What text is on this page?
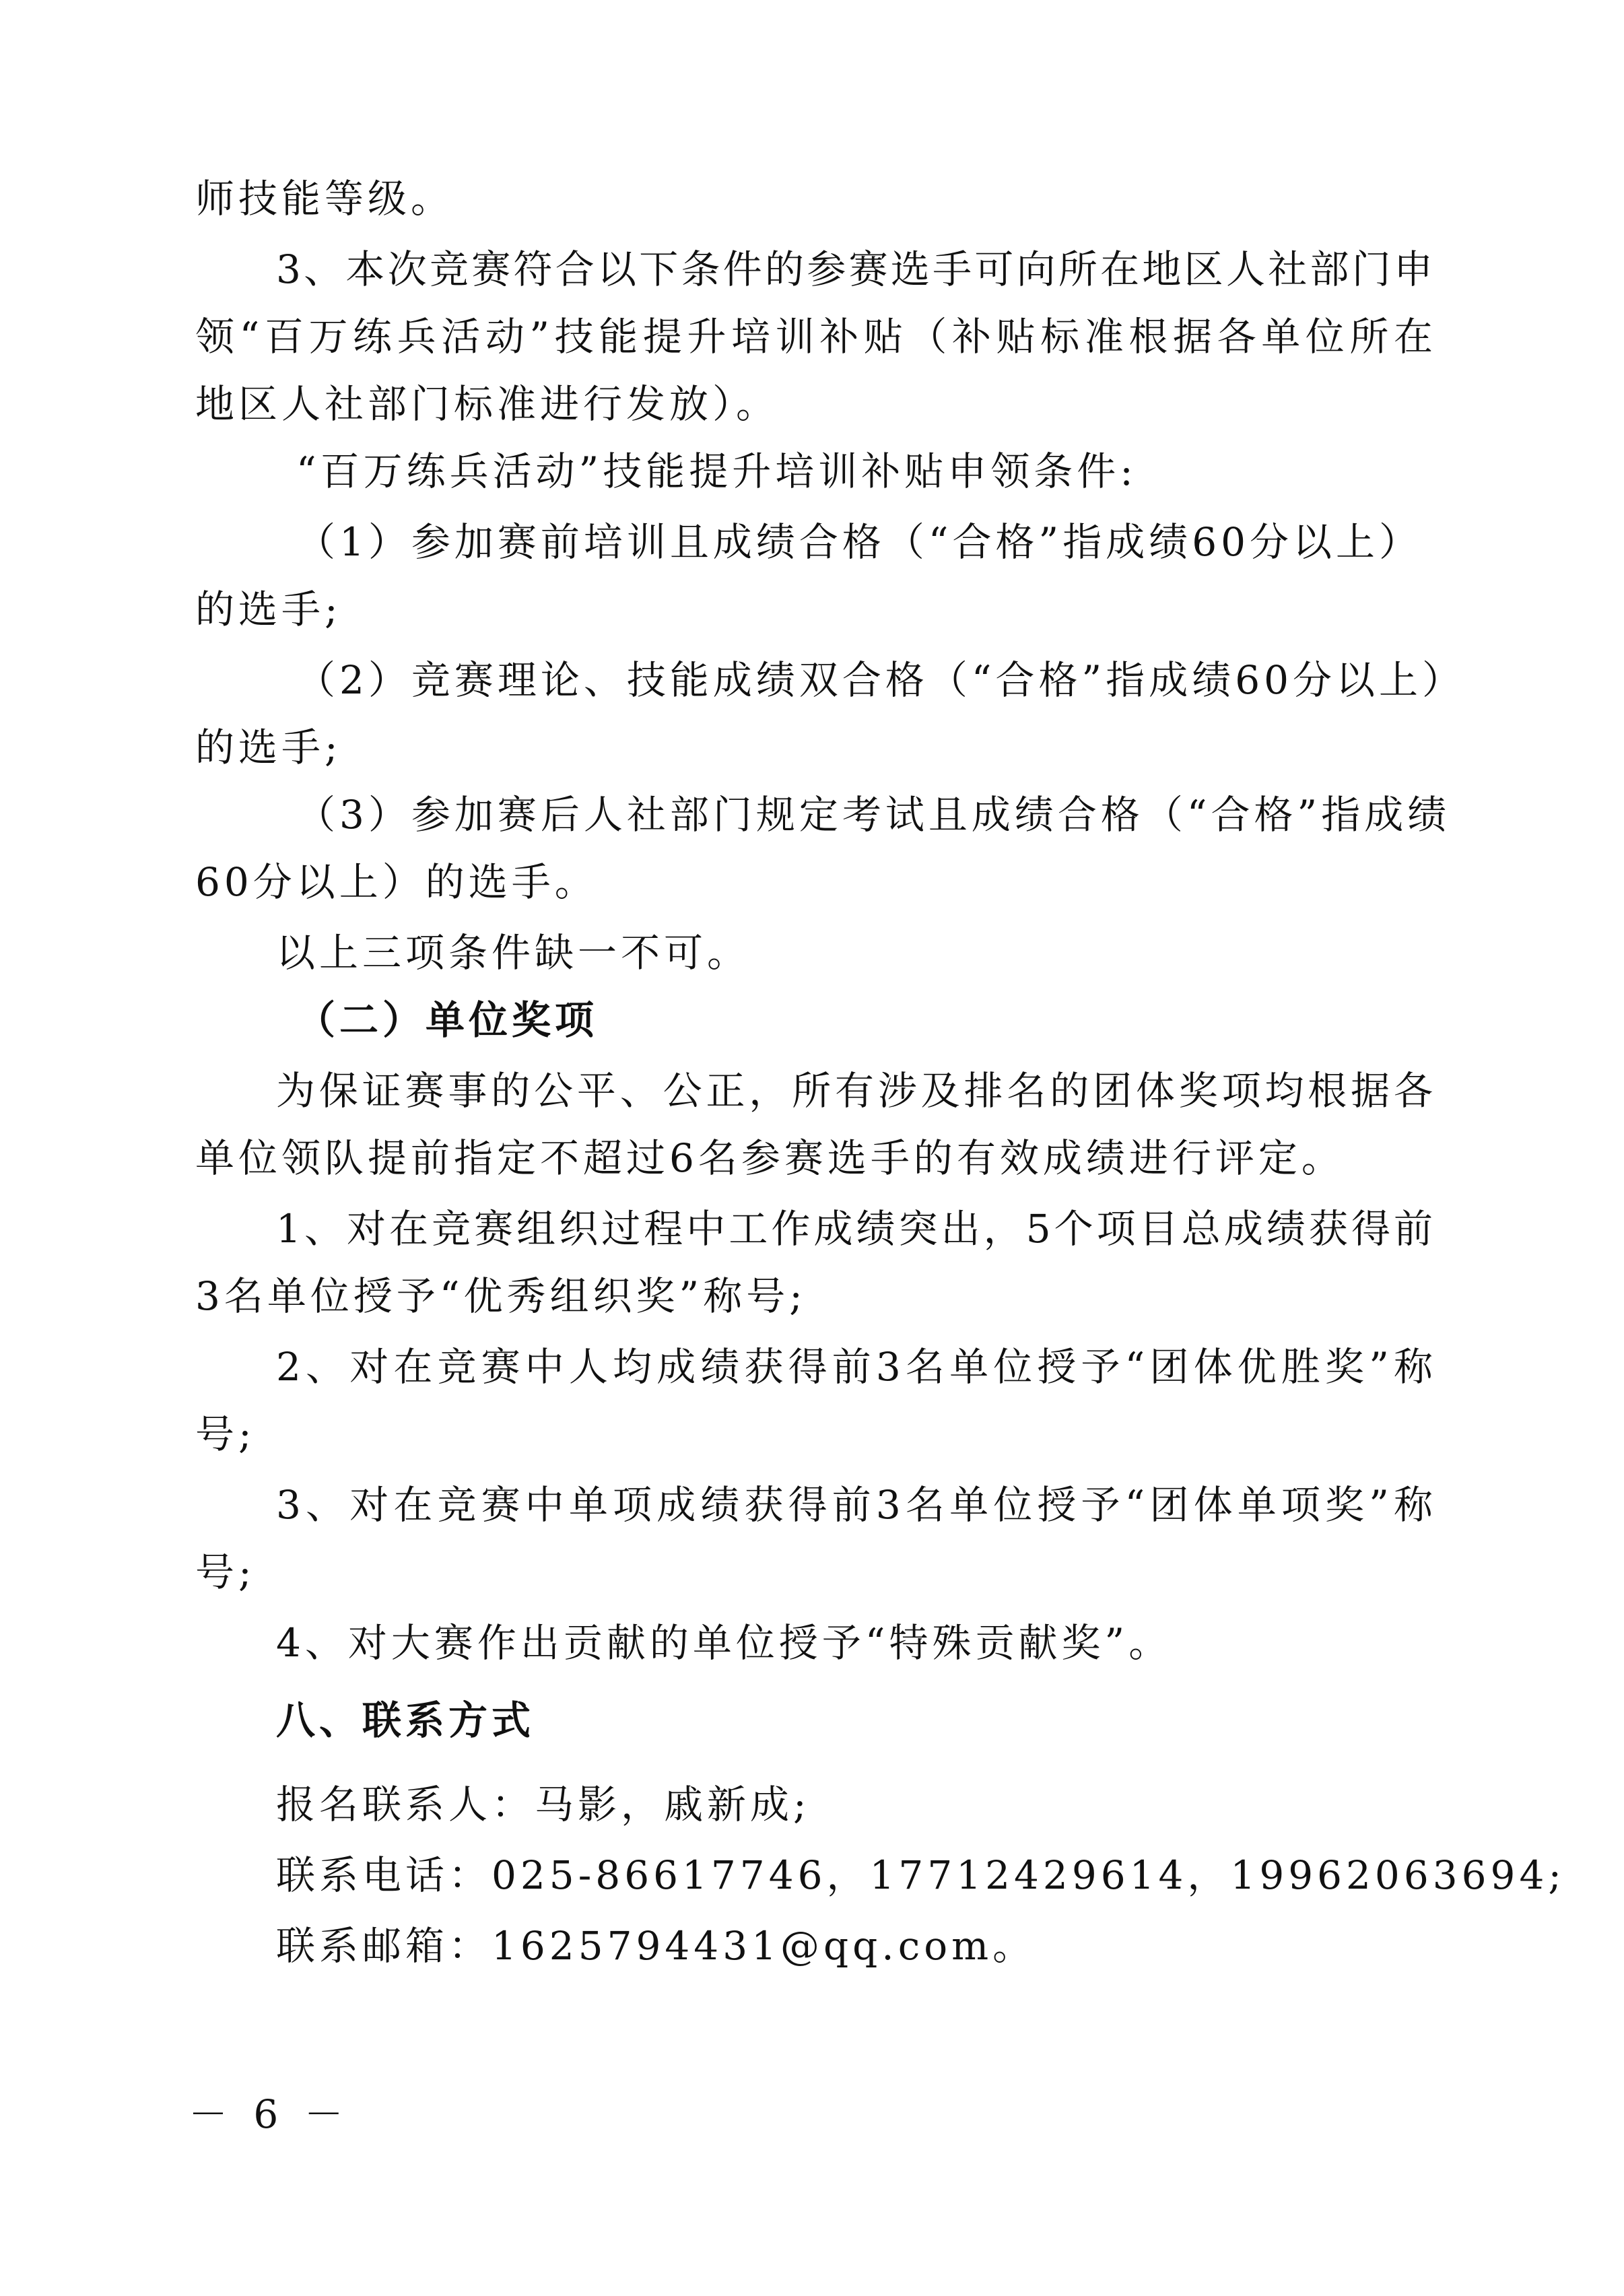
师技能等级。
3、本次竞赛符合以下条件的参赛选手可向所在地区人社部门申
领“百万练兵活动”技能提升培训补贴（补贴标准根据各单位所在
地区人社部门标准进行发放）。
“百万练兵活动”技能提升培训补贴申领条件:
（1）参加赛前培训且成绩合格（“合格”指成绩60分以上）
的选手;
（2）竞赛理论、技能成绩双合格（“合格”指成绩60分以上）
的选手;
（3）参加赛后人社部门规定考试且成绩合格（“合格”指成绩
60分以上）的选手。
以上三项条件缺一不可。
（二）单位奖项
为保证赛事的公平、公正，所有涉及排名的团体奖项均根据各
单位领队提前指定不超过6名参赛选手的有效成绩进行评定。
1、对在竞赛组织过程中工作成绩突出，5个项目总成绩获得前
3名单位授予“优秀组织奖”称号;
2、对在竞赛中人均成绩获得前3名单位授予“团体优胜奖”称
号;
3、对在竞赛中单项成绩获得前3名单位授予“团体单项奖”称
号;
4、对大赛作出贡献的单位授予“特殊贡献奖”。
八、联系方式
报名联系人：马影，戚新成;
联系电话：025-86617746，17712429614，19962063694;
联系邮箱：1625794431@qq.com。
－ 6 －
